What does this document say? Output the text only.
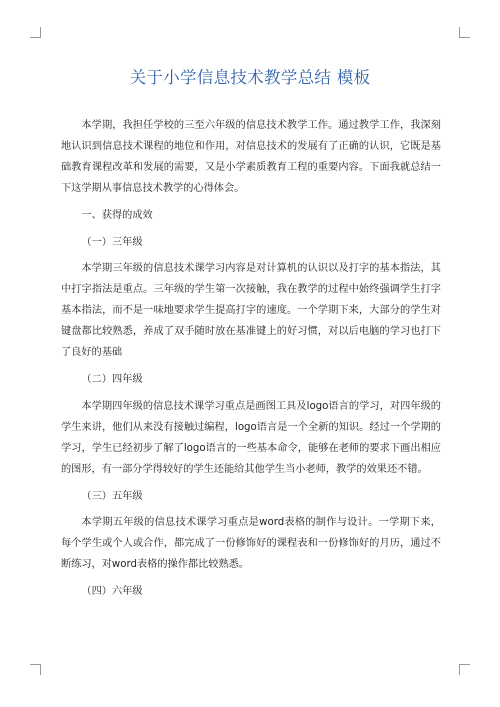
关于小学信息技术教学总结 模板

本学期，我担任学校的三至六年级的信息技术教学工作。通过教学工作，我深刻地认识到信息技术课程的地位和作用，对信息技术的发展有了正确的认识，它既是基础教育课程改革和发展的需要，又是小学素质教育工程的重要内容。下面我就总结一下这学期从事信息技术教学的心得体会。

一、获得的成效

（一）三年级

本学期三年级的信息技术课学习内容是对计算机的认识以及打字的基本指法，其中打字指法是重点。三年级的学生第一次接触，我在教学的过程中始终强调学生打字基本指法，而不是一味地要求学生提高打字的速度。一个学期下来，大部分的学生对键盘都比较熟悉，养成了双手随时放在基准键上的好习惯，对以后电脑的学习也打下了良好的基础

（二）四年级

本学期四年级的信息技术课学习重点是画图工具及logo语言的学习，对四年级的学生来讲，他们从来没有接触过编程，logo语言是一个全新的知识。经过一个学期的学习，学生已经初步了解了logo语言的一些基本命令，能够在老师的要求下画出相应的图形，有一部分学得较好的学生还能给其他学生当小老师，教学的效果还不错。

（三）五年级

本学期五年级的信息技术课学习重点是word表格的制作与设计。一学期下来，每个学生或个人或合作，都完成了一份修饰好的课程表和一份修饰好的月历，通过不断练习，对word表格的操作都比较熟悉。

（四）六年级
